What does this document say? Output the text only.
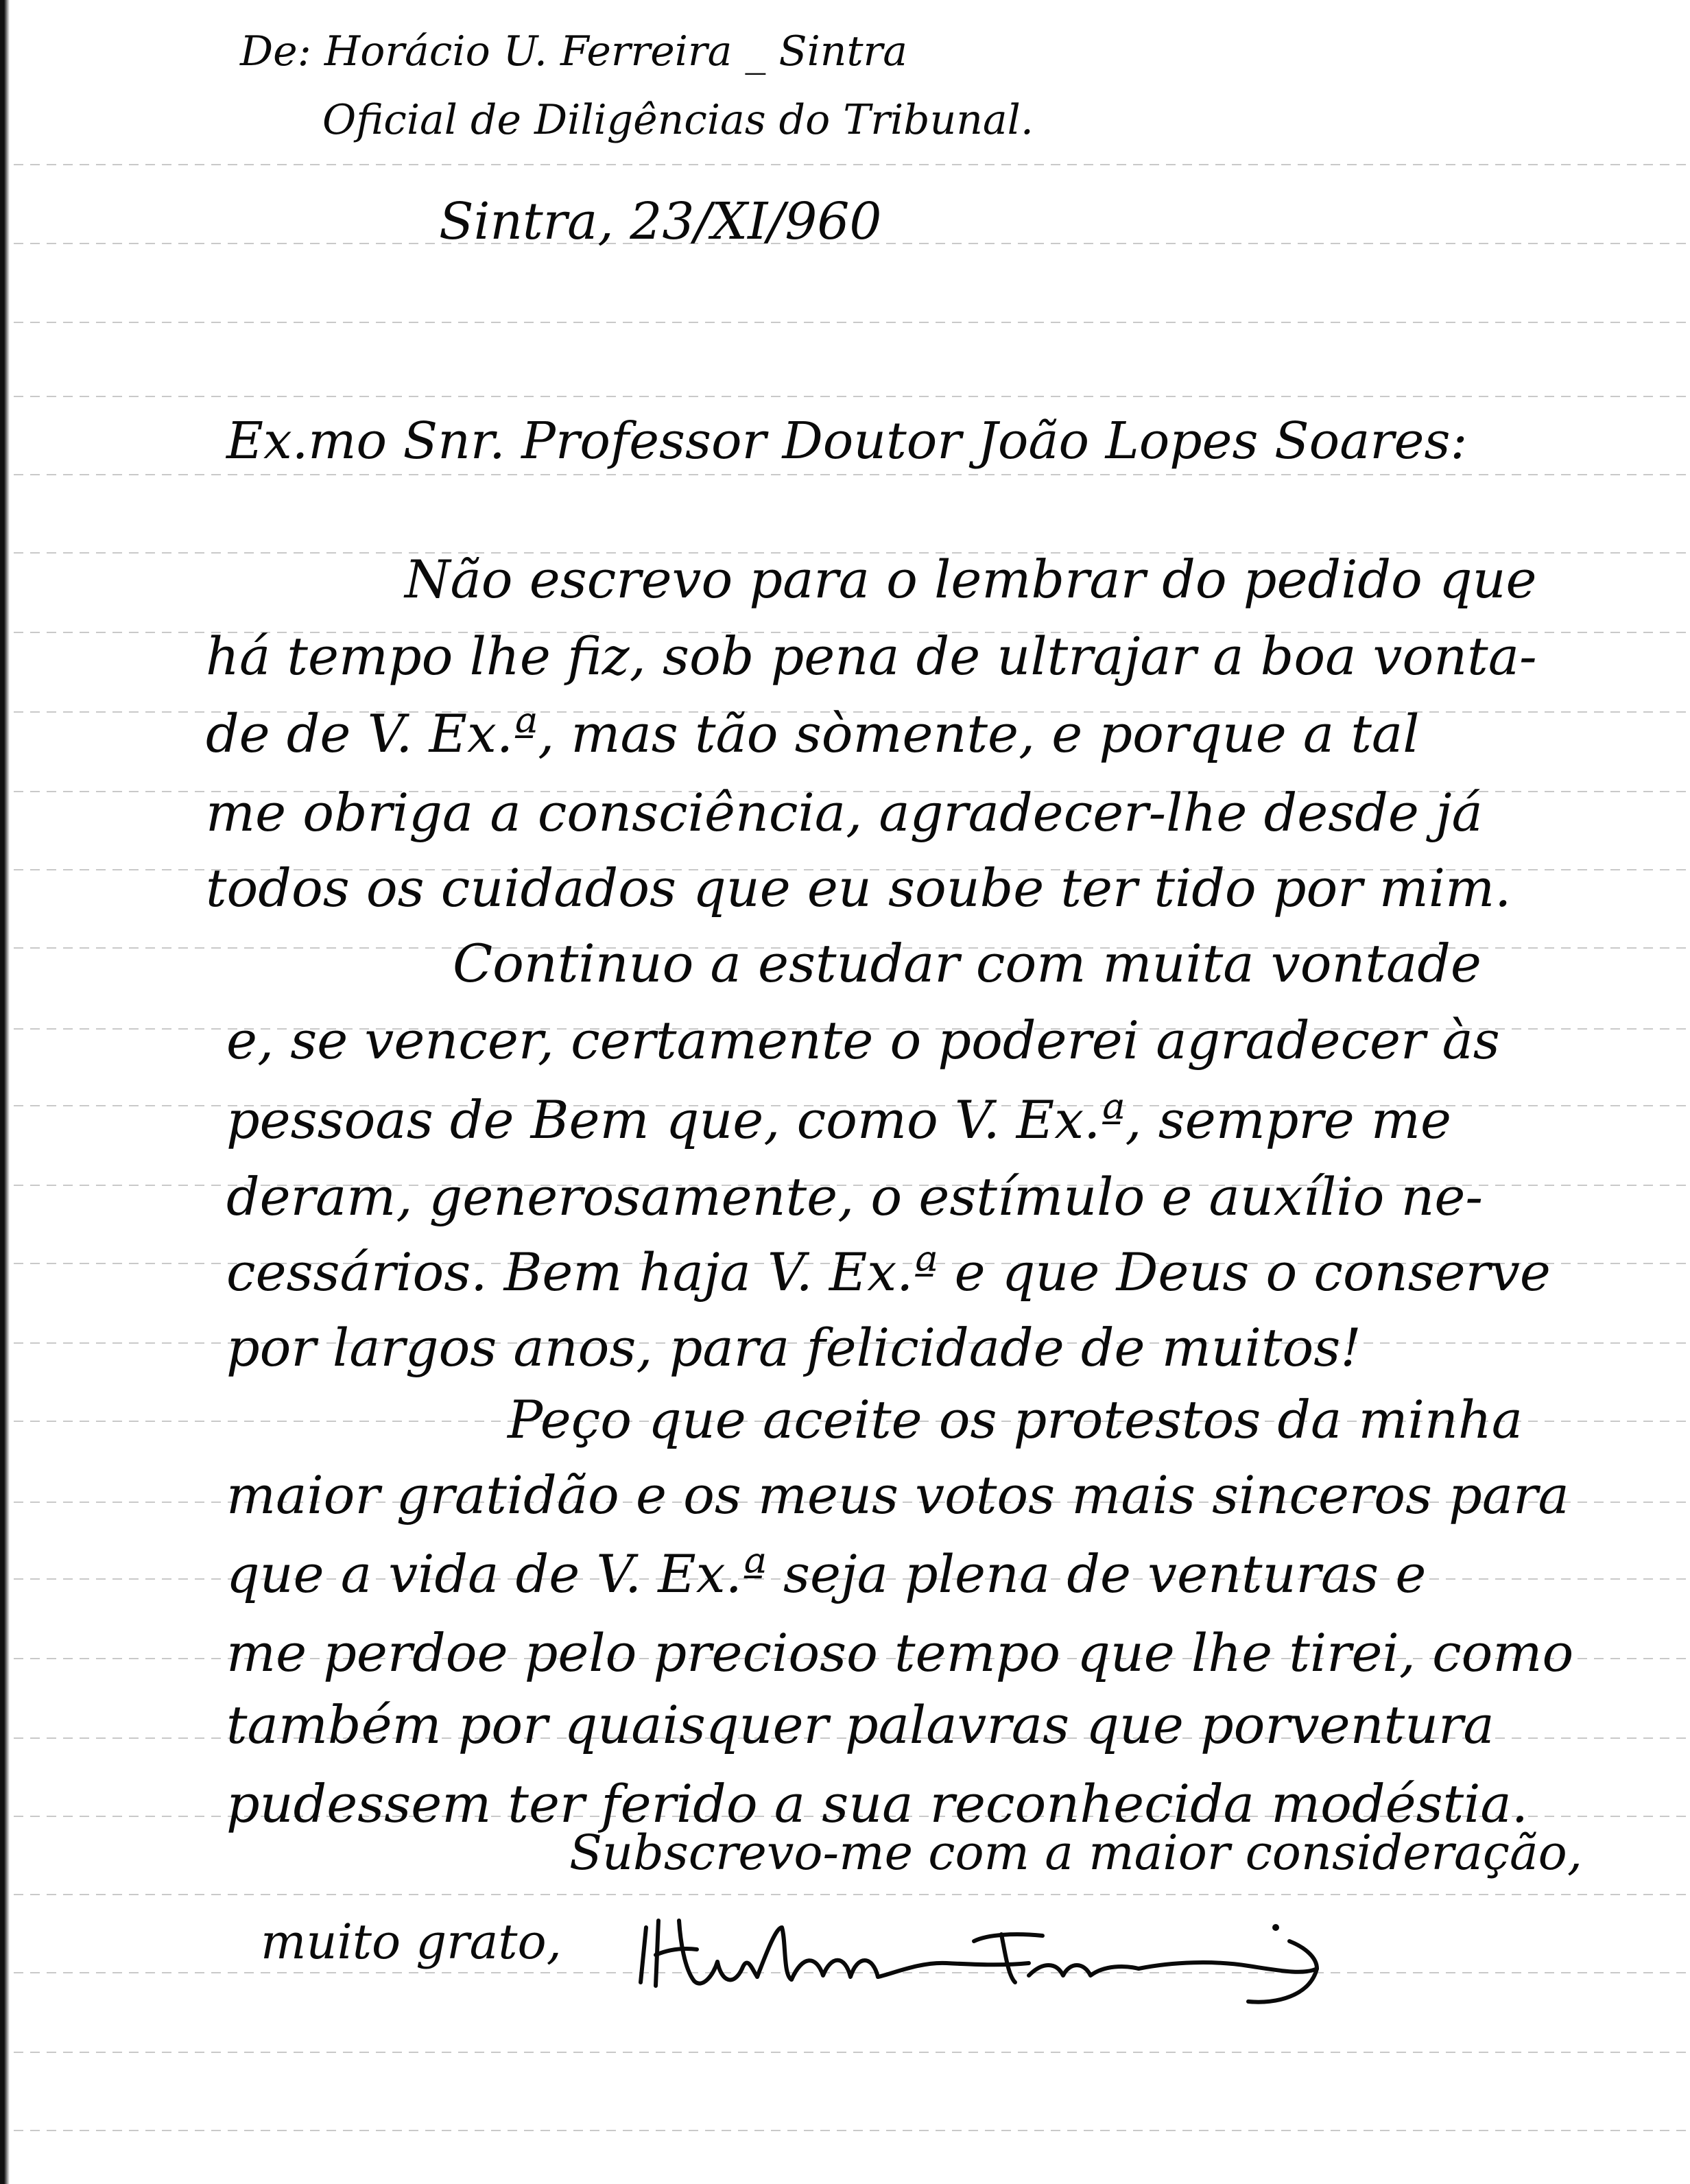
De: Horácio U. Ferreira _ Sintra
Oficial de Diligências do Tribunal.
Sintra, 23/XI/960
Ex.mo Snr. Professor Doutor João Lopes Soares:
Não escrevo para o lembrar do pedido que
há tempo lhe fiz, sob pena de ultrajar a boa vonta-
de de V. Ex.ª, mas tão sòmente, e porque a tal
me obriga a consciência, agradecer-lhe desde já
todos os cuidados que eu soube ter tido por mim.
Continuo a estudar com muita vontade
e, se vencer, certamente o poderei agradecer às
pessoas de Bem que, como V. Ex.ª, sempre me
deram, generosamente, o estímulo e auxílio ne-
cessários. Bem haja V. Ex.ª e que Deus o conserve
por largos anos, para felicidade de muitos!
Peço que aceite os protestos da minha
maior gratidão e os meus votos mais sinceros para
que a vida de V. Ex.ª seja plena de venturas e
me perdoe pelo precioso tempo que lhe tirei, como
também por quaisquer palavras que porventura
pudessem ter ferido a sua reconhecida modéstia.
Subscrevo-me com a maior consideração,
muito grato,
